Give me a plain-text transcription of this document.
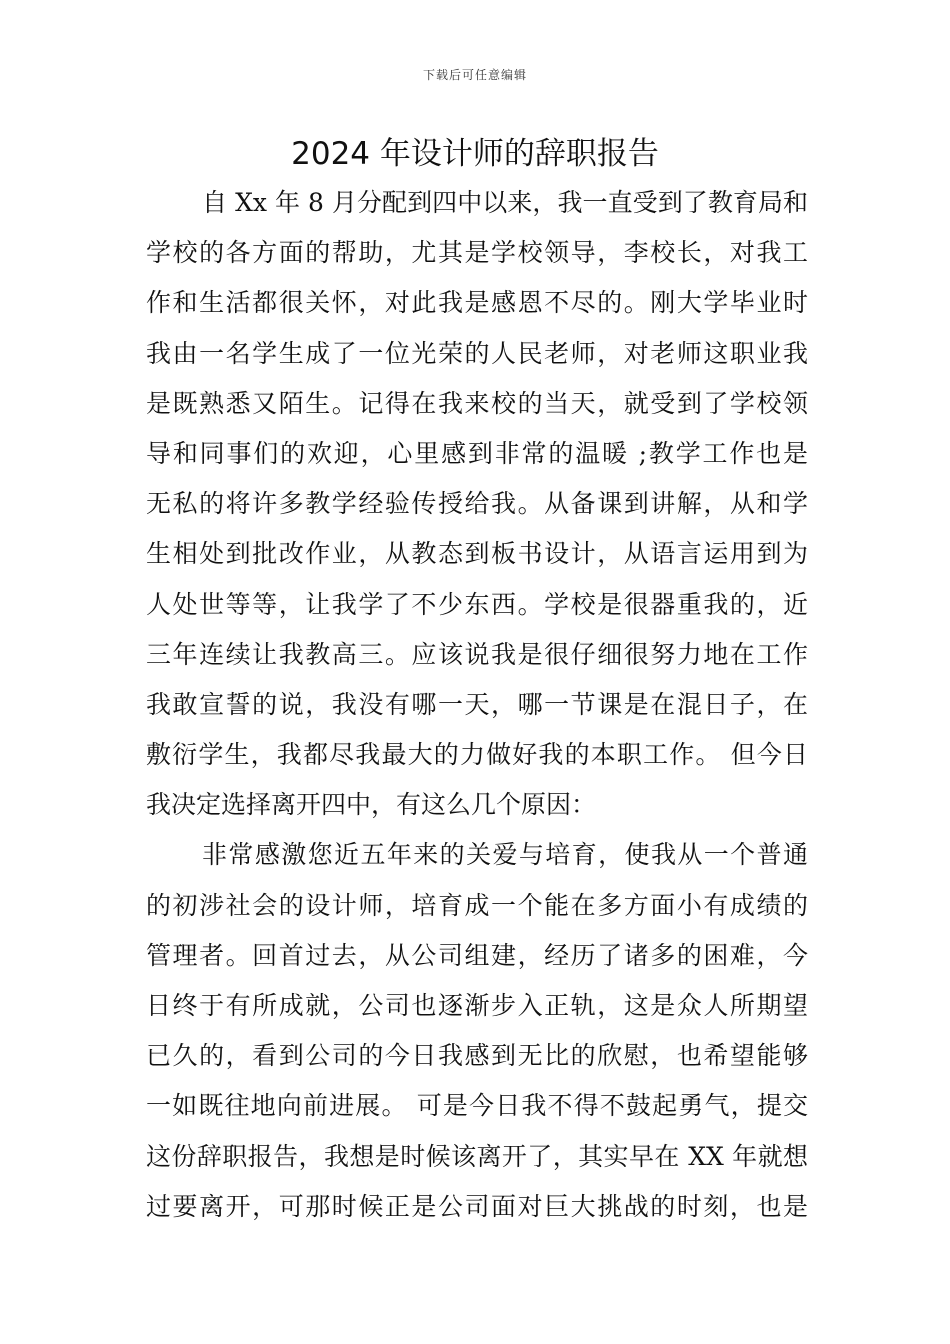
下载后可任意编辑
2024 年设计师的辞职报告
自 Xx 年 8 月分配到四中以来，我一直受到了教育局和
学校的各方面的帮助，尤其是学校领导，李校长，对我工
作和生活都很关怀，对此我是感恩不尽的。刚大学毕业时
我由一名学生成了一位光荣的人民老师，对老师这职业我
是既熟悉又陌生。记得在我来校的当天，就受到了学校领
导和同事们的欢迎，心里感到非常的温暖 ;教学工作也是
无私的将许多教学经验传授给我。从备课到讲解，从和学
生相处到批改作业，从教态到板书设计，从语言运用到为
人处世等等，让我学了不少东西。学校是很器重我的，近
三年连续让我教高三。应该说我是很仔细很努力地在工作
我敢宣誓的说，我没有哪一天，哪一节课是在混日子，在
敷衍学生，我都尽我最大的力做好我的本职工作。 但今日
我决定选择离开四中，有这么几个原因：
非常感激您近五年来的关爱与培育，使我从一个普通
的初涉社会的设计师，培育成一个能在多方面小有成绩的
管理者。回首过去，从公司组建，经历了诸多的困难，今
日终于有所成就，公司也逐渐步入正轨，这是众人所期望
已久的，看到公司的今日我感到无比的欣慰，也希望能够
一如既往地向前进展。 可是今日我不得不鼓起勇气，提交
这份辞职报告，我想是时候该离开了，其实早在 XX 年就想
过要离开，可那时候正是公司面对巨大挑战的时刻，也是
